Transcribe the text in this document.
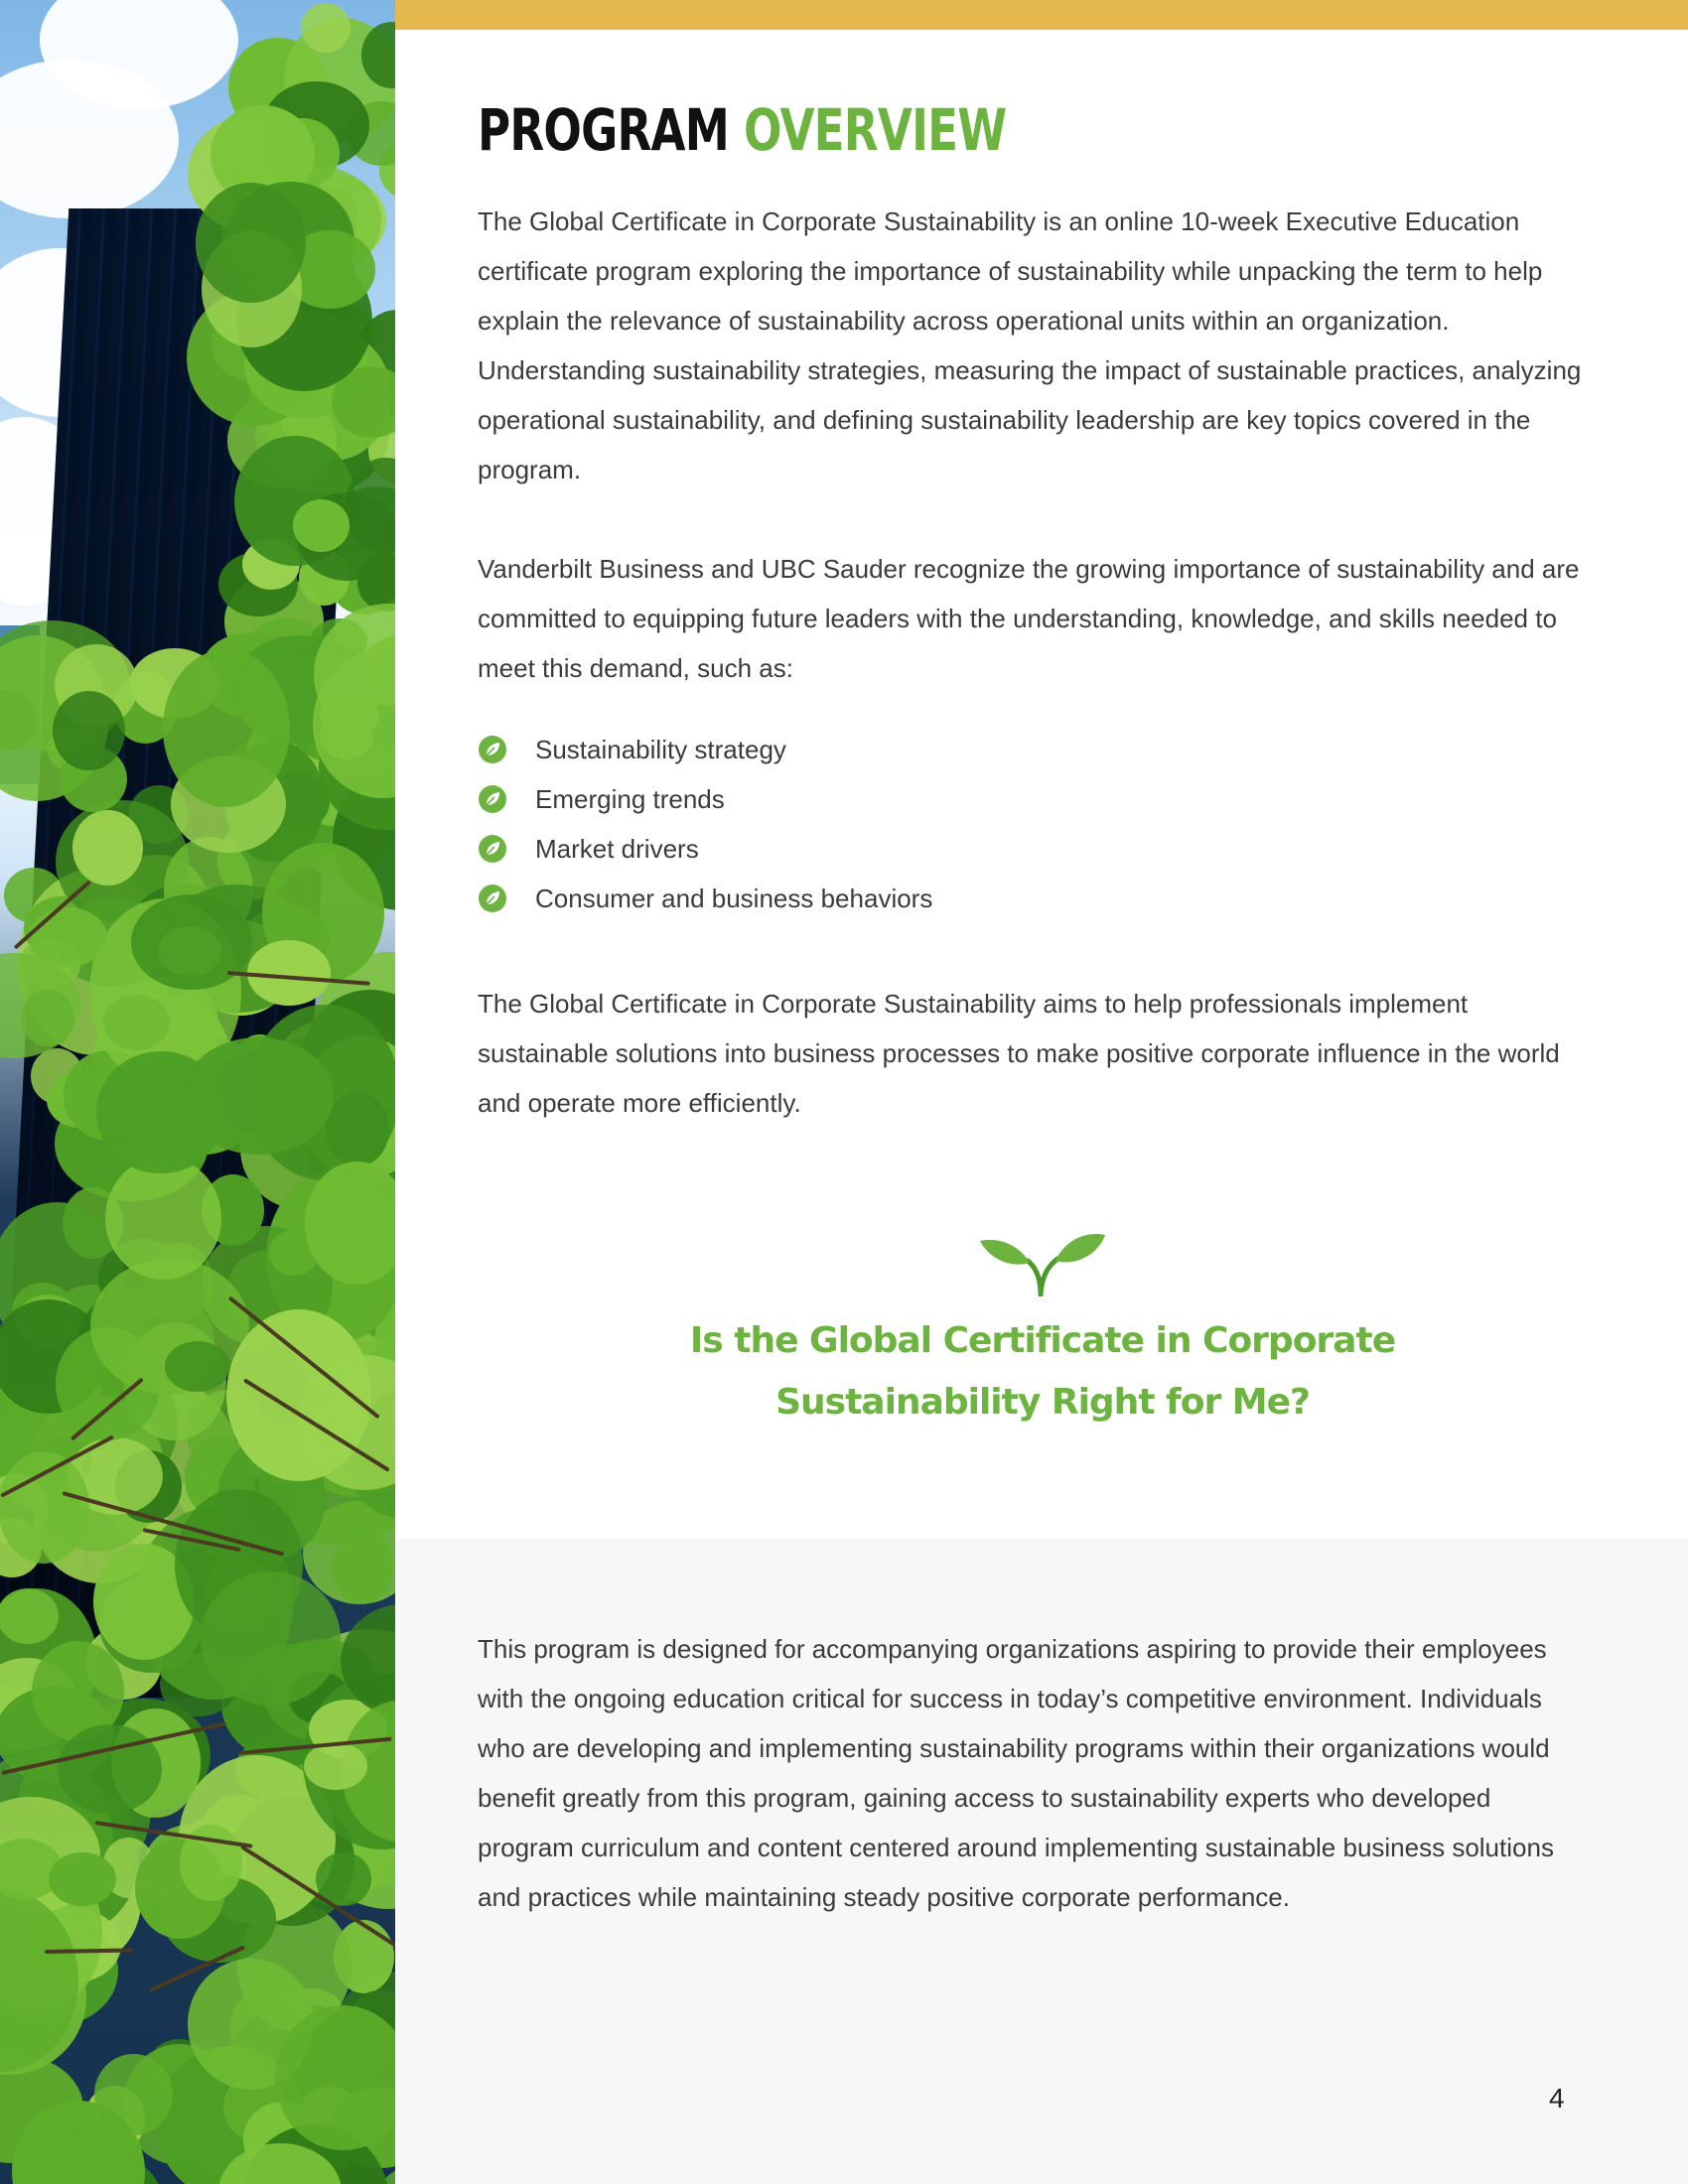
PROGRAM OVERVIEW

The Global Certificate in Corporate Sustainability is an online 10-week Executive Education certificate program exploring the importance of sustainability while unpacking the term to help explain the relevance of sustainability across operational units within an organization. Understanding sustainability strategies, measuring the impact of sustainable practices, analyzing operational sustainability, and defining sustainability leadership are key topics covered in the program.

Vanderbilt Business and UBC Sauder recognize the growing importance of sustainability and are committed to equipping future leaders with the understanding, knowledge, and skills needed to meet this demand, such as:

Sustainability strategy
Emerging trends
Market drivers
Consumer and business behaviors

The Global Certificate in Corporate Sustainability aims to help professionals implement sustainable solutions into business processes to make positive corporate influence in the world and operate more efficiently.

Is the Global Certificate in Corporate
Sustainability Right for Me?

This program is designed for accompanying organizations aspiring to provide their employees with the ongoing education critical for success in today’s competitive environment. Individuals who are developing and implementing sustainability programs within their organizations would benefit greatly from this program, gaining access to sustainability experts who developed program curriculum and content centered around implementing sustainable business solutions and practices while maintaining steady positive corporate performance.

4
